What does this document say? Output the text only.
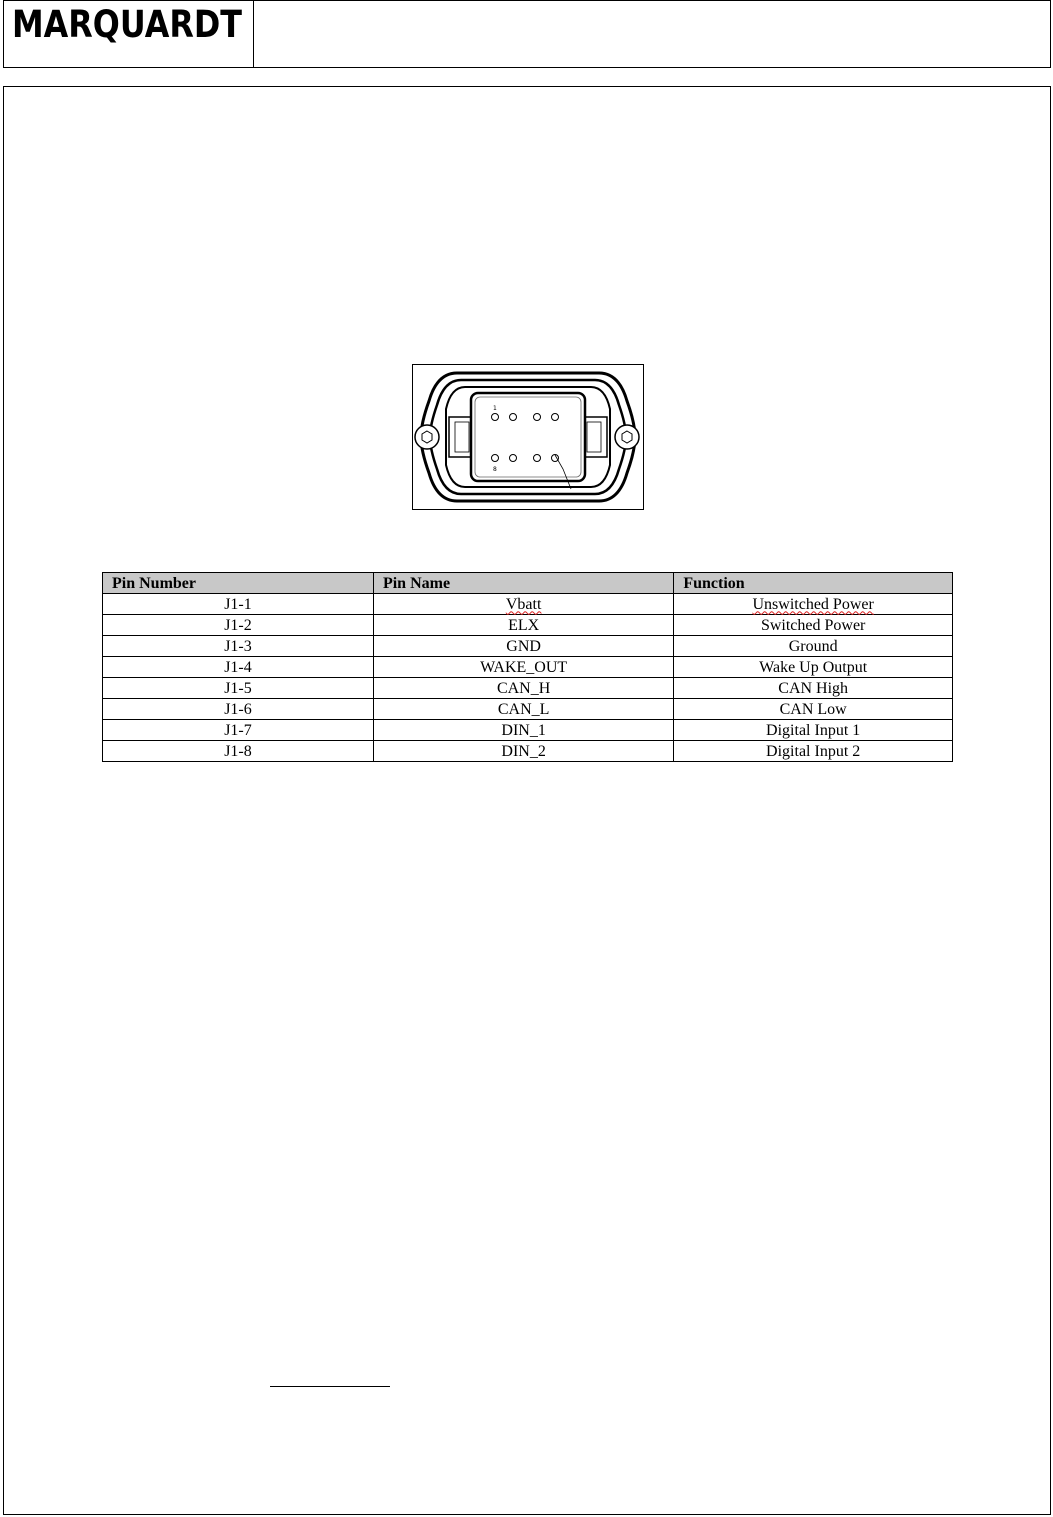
MARQUARDT
1
8
Pin Number	Pin Name	Function
J1-1	Vbatt	Unswitched Power
J1-2	ELX	Switched Power
J1-3	GND	Ground
J1-4	WAKE_OUT	Wake Up Output
J1-5	CAN_H	CAN High
J1-6	CAN_L	CAN Low
J1-7	DIN_1	Digital Input 1
J1-8	DIN_2	Digital Input 2
